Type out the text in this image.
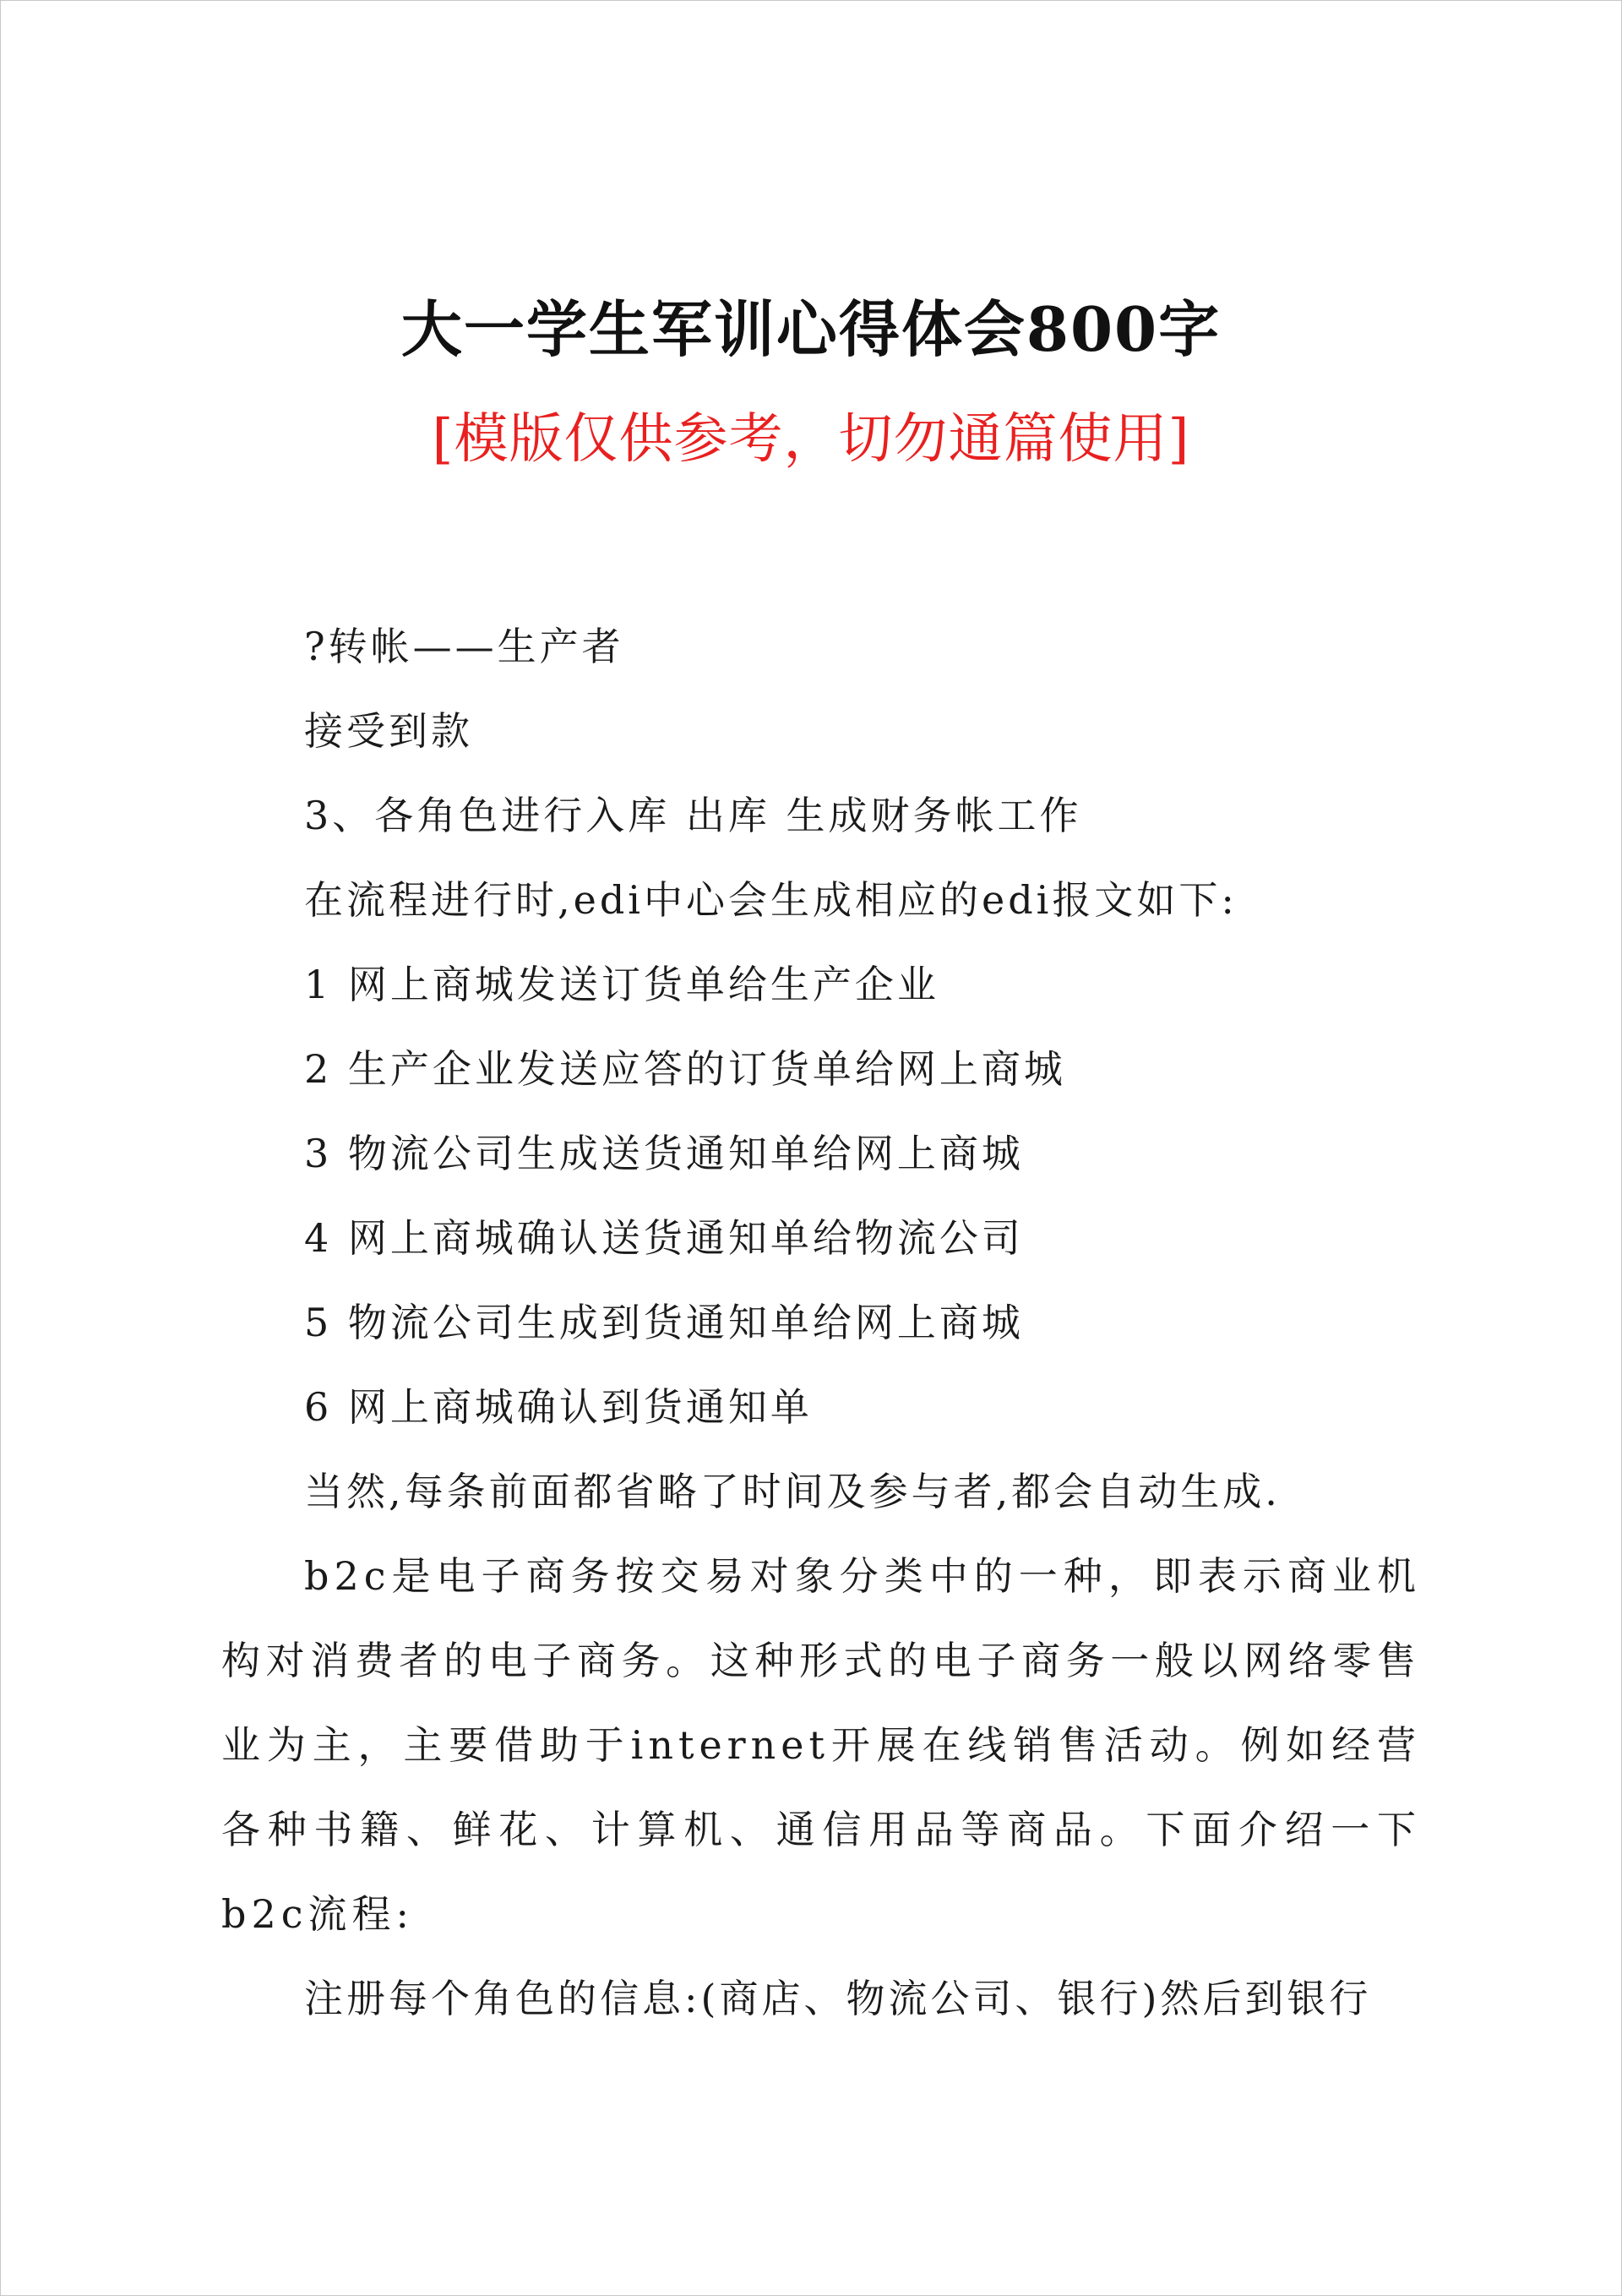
大一学生军训心得体会800字
[模版仅供参考，切勿通篇使用]
?转帐——生产者
接受到款
3、各角色进行入库 出库 生成财务帐工作
在流程进行时,edi中心会生成相应的edi报文如下:
1 网上商城发送订货单给生产企业
2 生产企业发送应答的订货单给网上商城
3 物流公司生成送货通知单给网上商城
4 网上商城确认送货通知单给物流公司
5 物流公司生成到货通知单给网上商城
6 网上商城确认到货通知单
当然,每条前面都省略了时间及参与者,都会自动生成.
b2c是电子商务按交易对象分类中的一种，即表示商业机构对消费者的电子商务。这种形式的电子商务一般以网络零售业为主，主要借助于internet开展在线销售活动。例如经营各种书籍、鲜花、计算机、通信用品等商品。下面介绍一下b2c流程:
注册每个角色的信息:(商店、物流公司、银行)然后到银行
